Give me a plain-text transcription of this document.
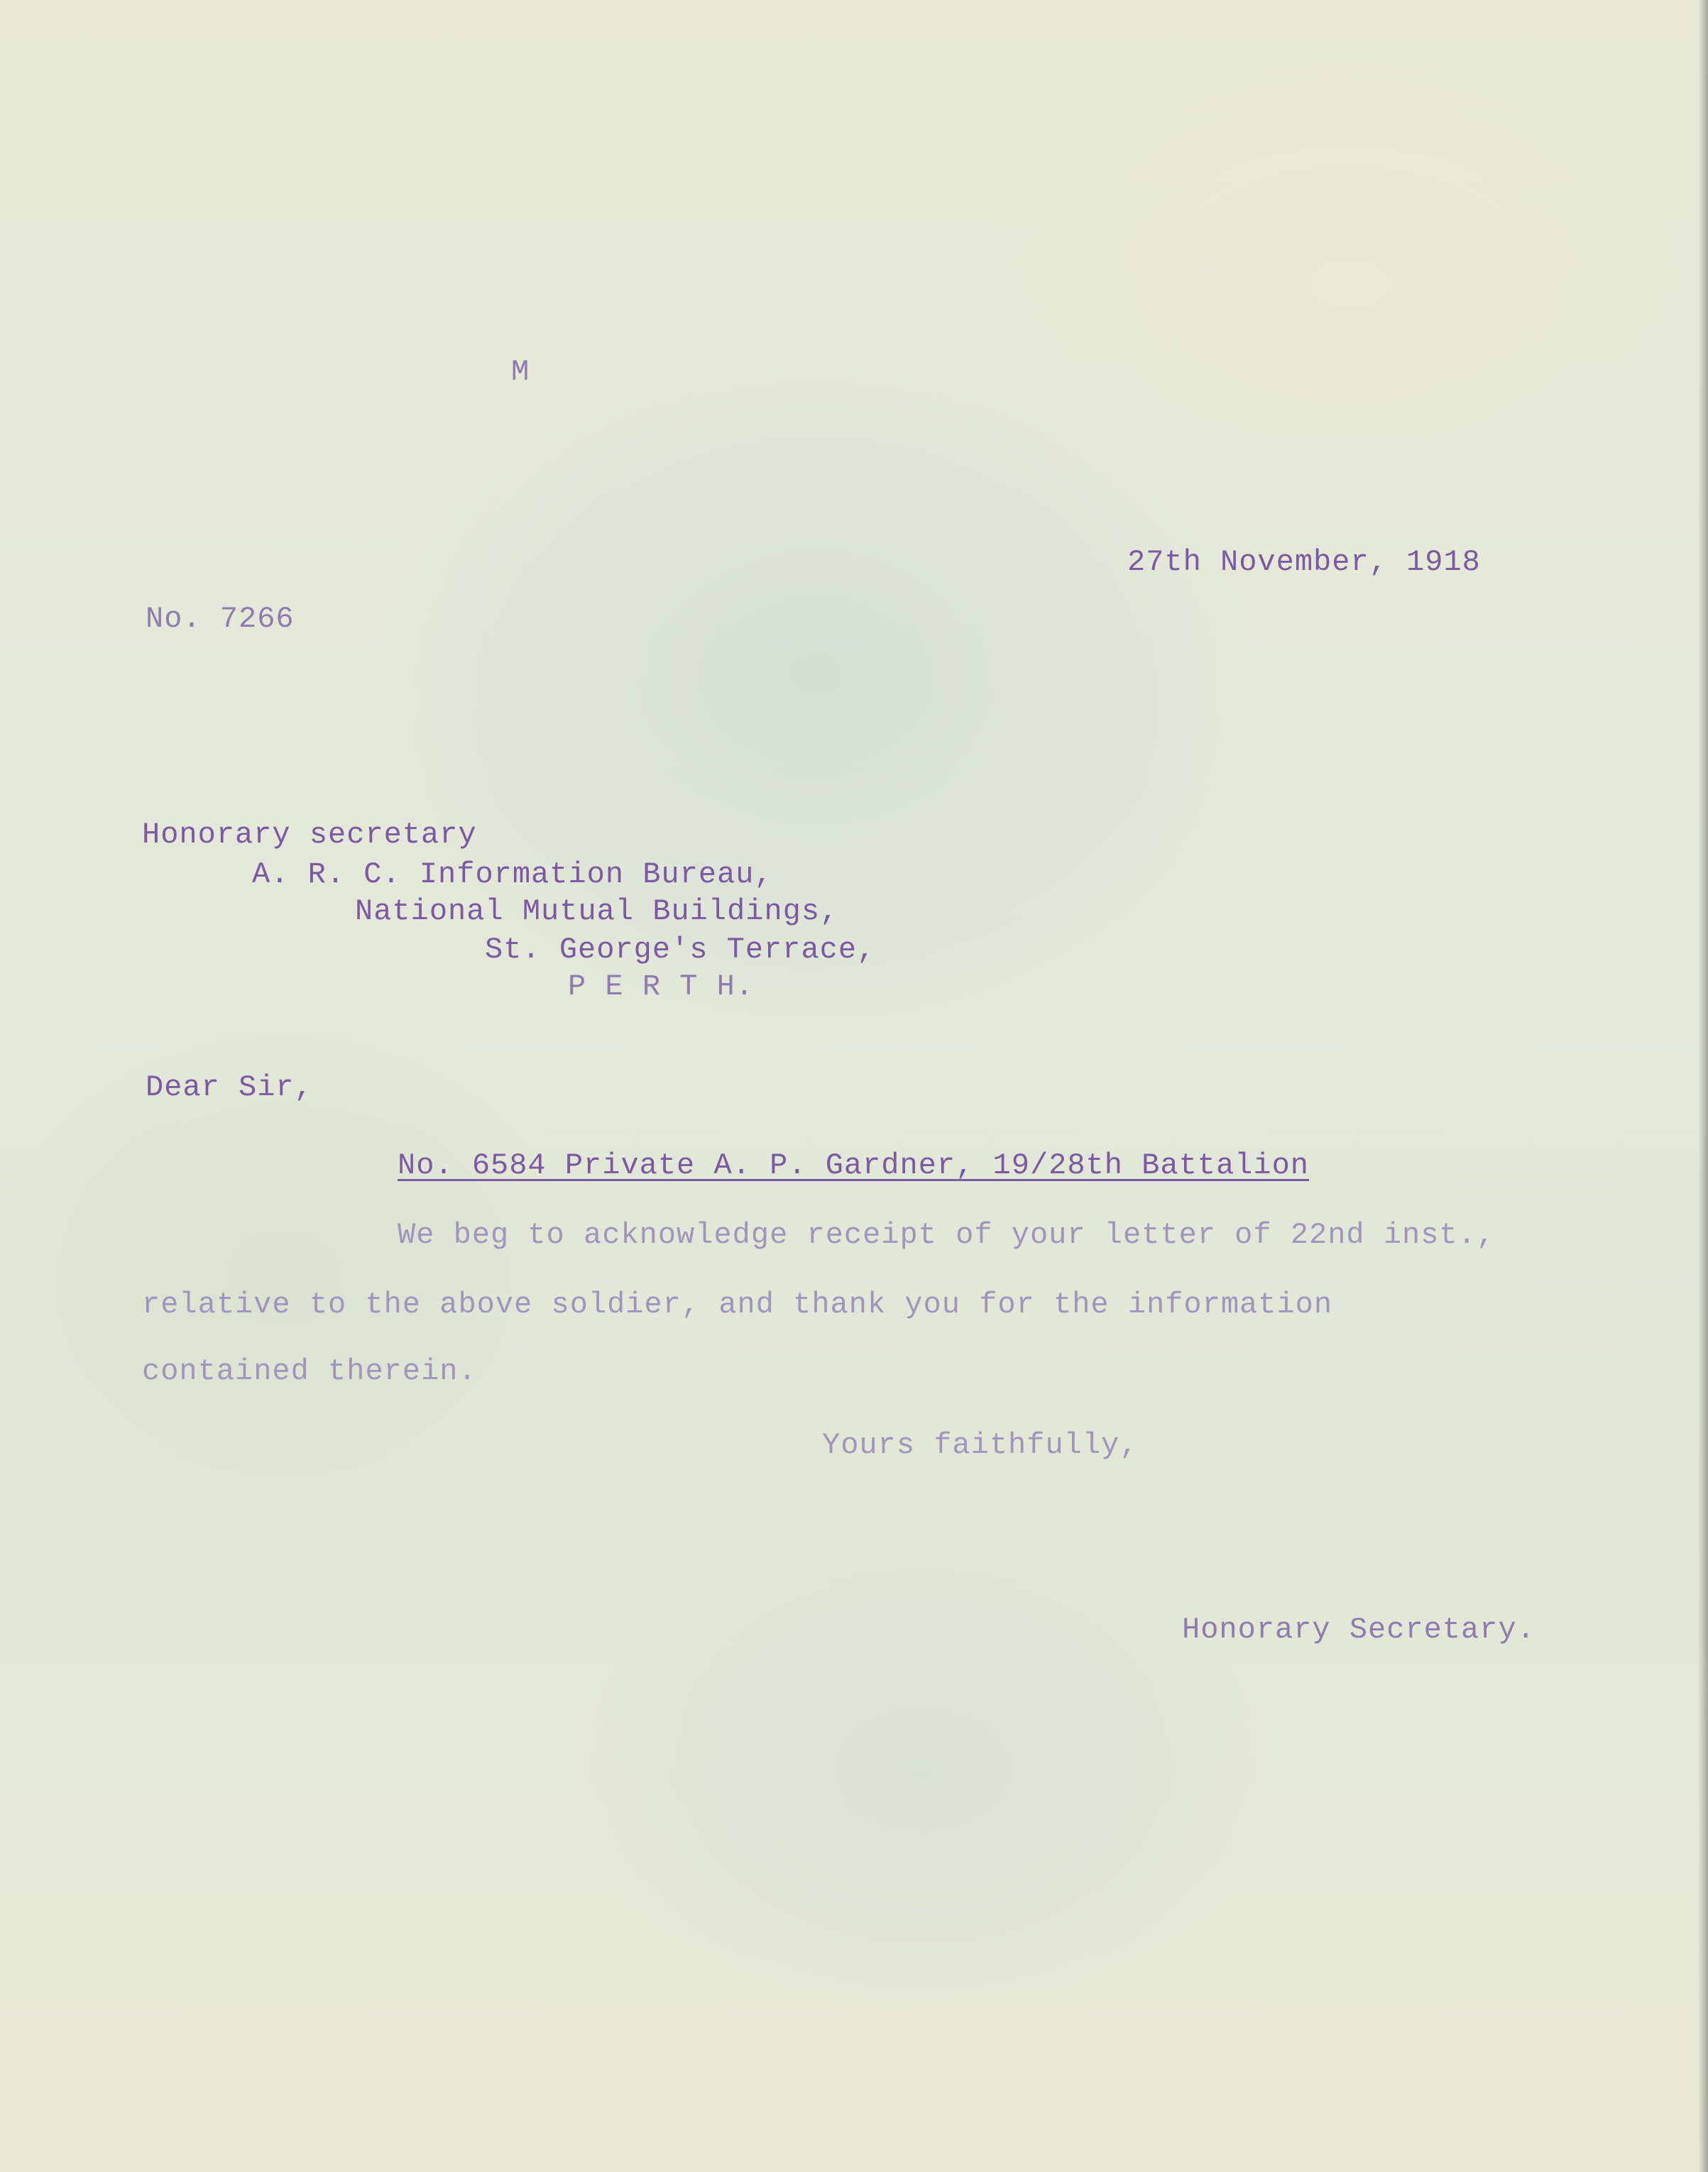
M
27th November, 1918
No. 7266
Honorary secretary
A. R. C. Information Bureau,
National Mutual Buildings,
St. George's Terrace,
P E R T H.
Dear Sir,
No. 6584 Private A. P. Gardner, 19/28th Battalion
We beg to acknowledge receipt of your letter of 22nd inst.,
relative to the above soldier, and thank you for the information
contained therein.
Yours faithfully,
Honorary Secretary.
